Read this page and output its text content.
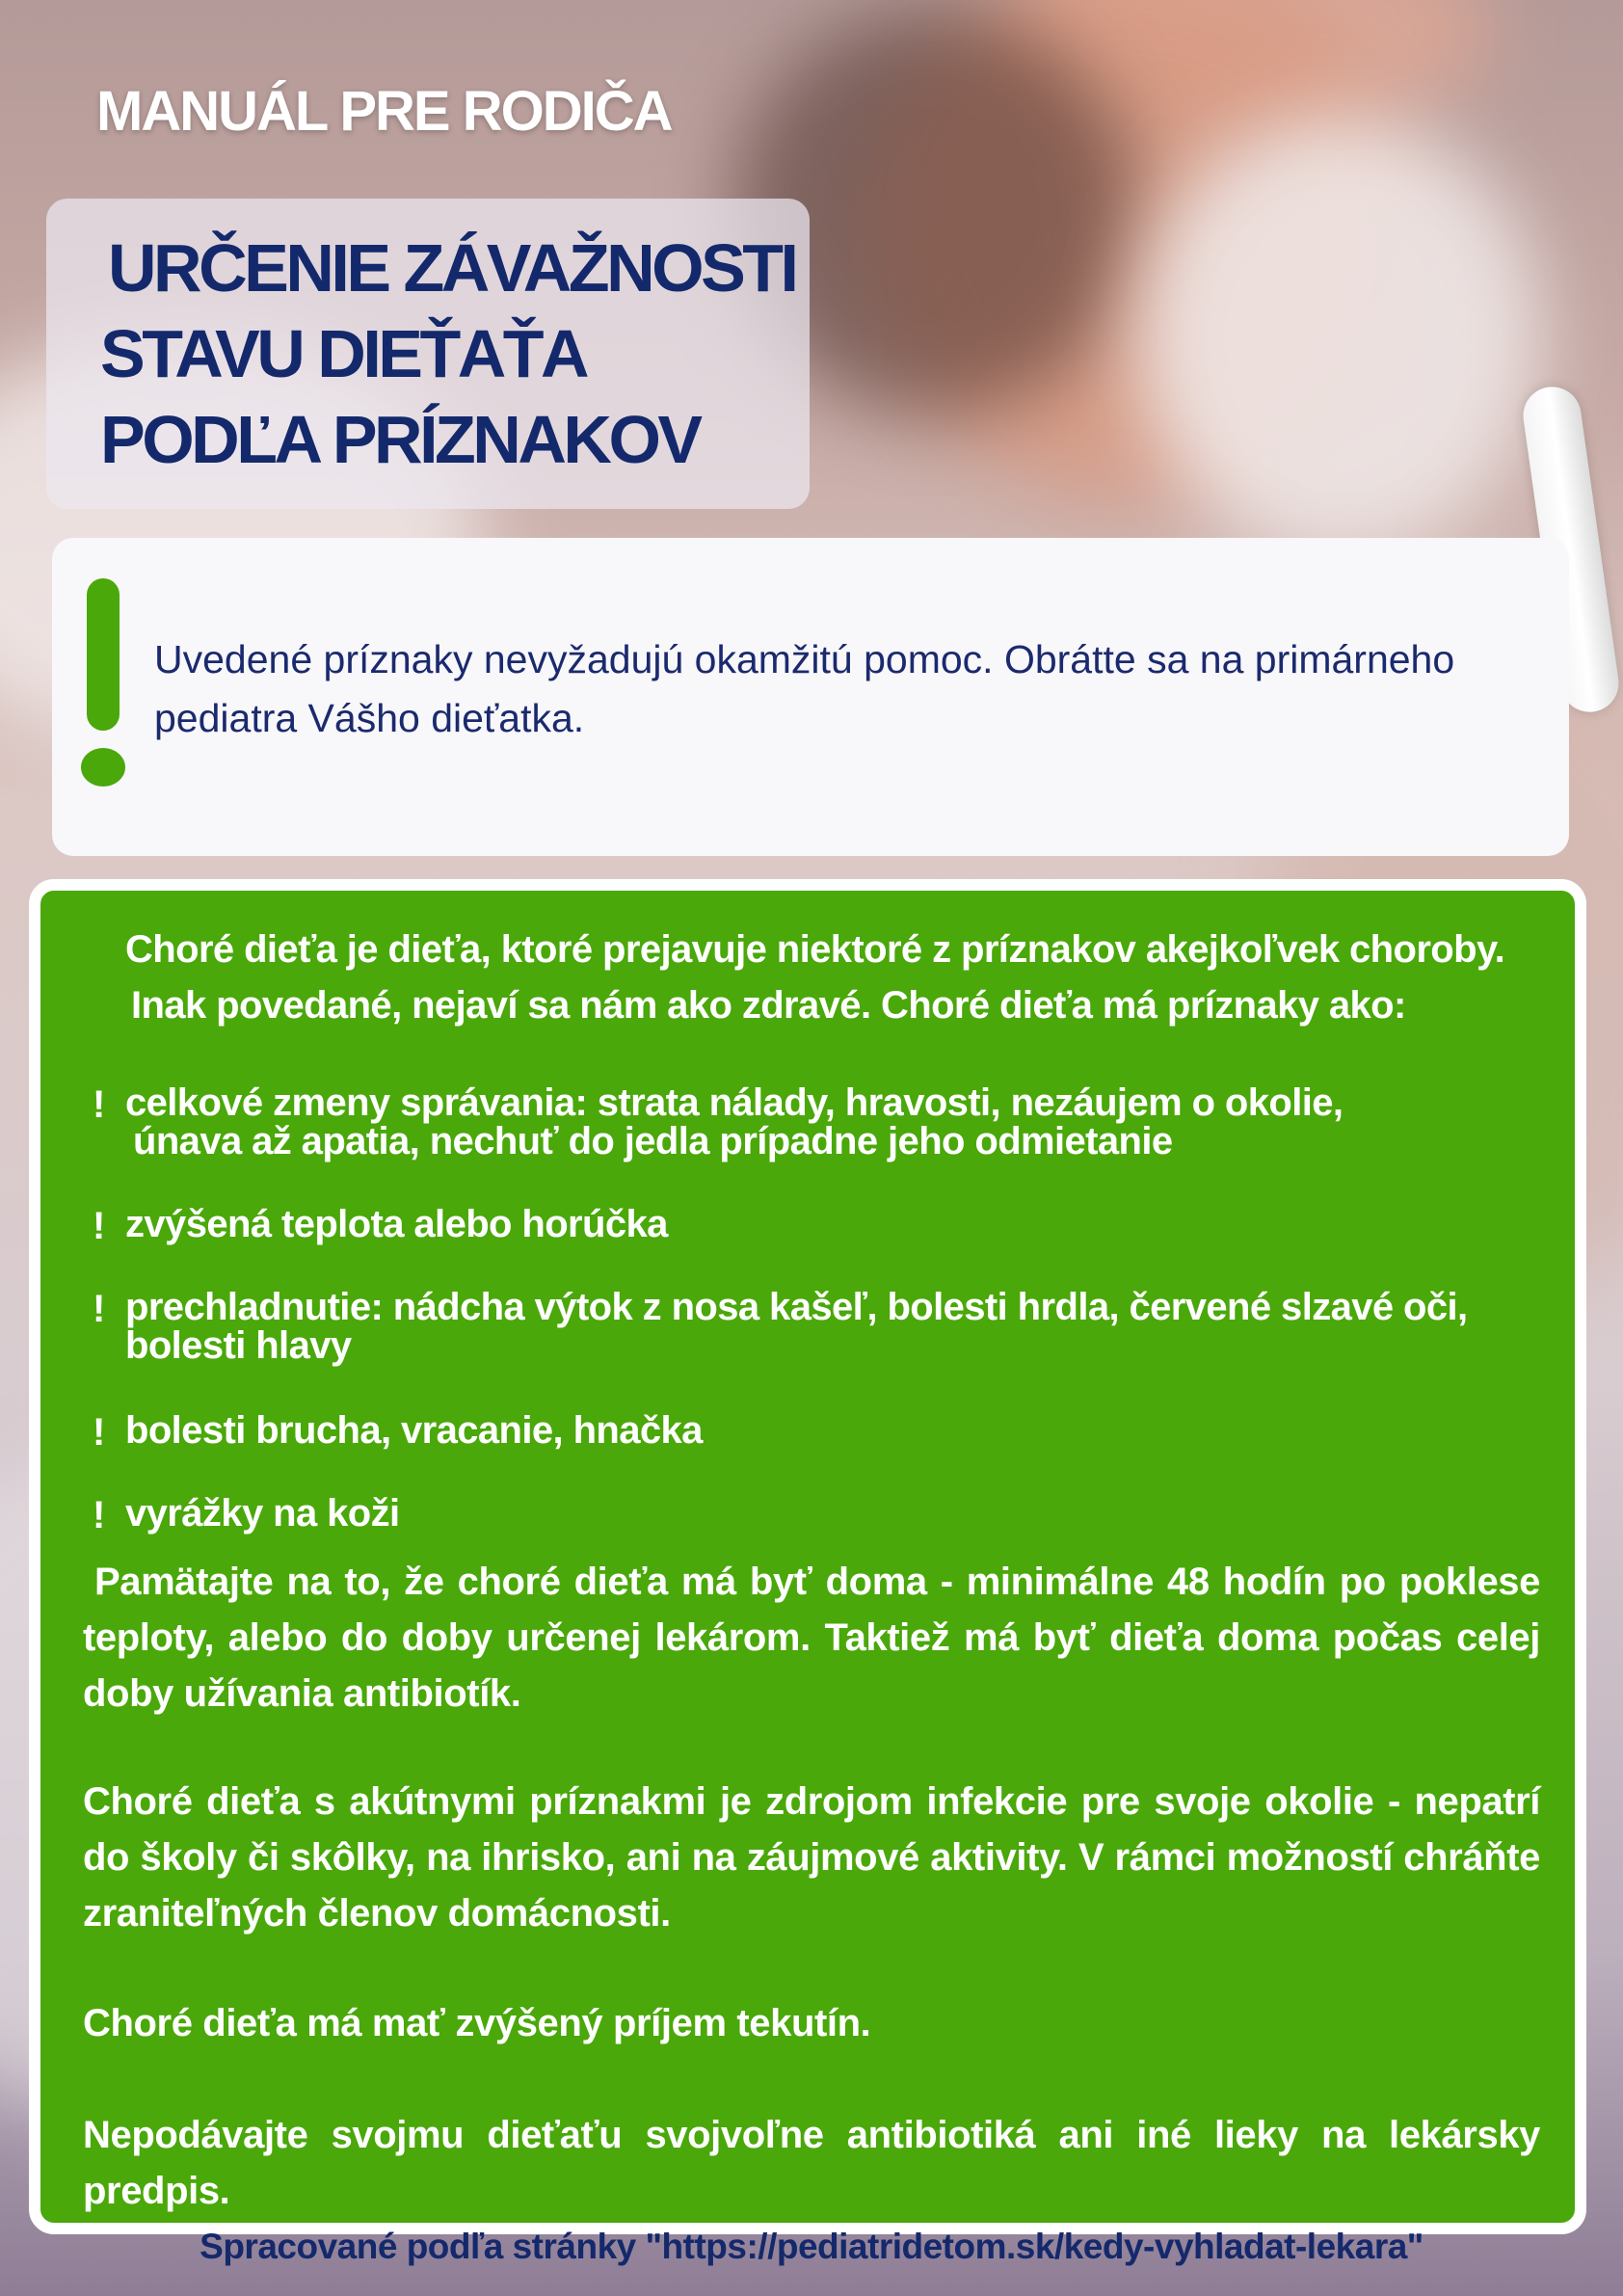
MANUÁL PRE RODIČA
URČENIE ZÁVAŽNOSTI
STAVU DIEŤAŤA
PODĽA PRÍZNAKOV
Uvedené príznaky nevyžadujú okamžitú pomoc. Obrátte sa na primárneho pediatra Vášho dieťatka.
Choré dieťa je dieťa, ktoré prejavuje niektoré z príznakov akejkoľvek choroby.
Inak povedané, nejaví sa nám ako zdravé. Choré dieťa má príznaky ako:
! celkové zmeny správania: strata nálady, hravosti, nezáujem o okolie,
únava až apatia, nechuť do jedla prípadne jeho odmietanie
! zvýšená teplota alebo horúčka
! prechladnutie: nádcha výtok z nosa kašeľ, bolesti hrdla, červené slzavé oči,
bolesti hlavy
! bolesti brucha, vracanie, hnačka
! vyrážky na koži

Pamätajte na to, že choré dieťa má byť doma - minimálne 48 hodín po poklese teploty, alebo do doby určenej lekárom. Taktiež má byť dieťa doma počas celej doby užívania antibiotík.

Choré dieťa s akútnymi príznakmi je zdrojom infekcie pre svoje okolie - nepatrí do školy či skôlky, na ihrisko, ani na záujmové aktivity. V rámci možností chráňte zraniteľných členov domácnosti.

Choré dieťa má mať zvýšený príjem tekutín.

Nepodávajte svojmu dieťaťu svojvoľne antibiotiká ani iné lieky na lekársky predpis.

Spracované podľa stránky "https://pediatridetom.sk/kedy-vyhladat-lekara"
